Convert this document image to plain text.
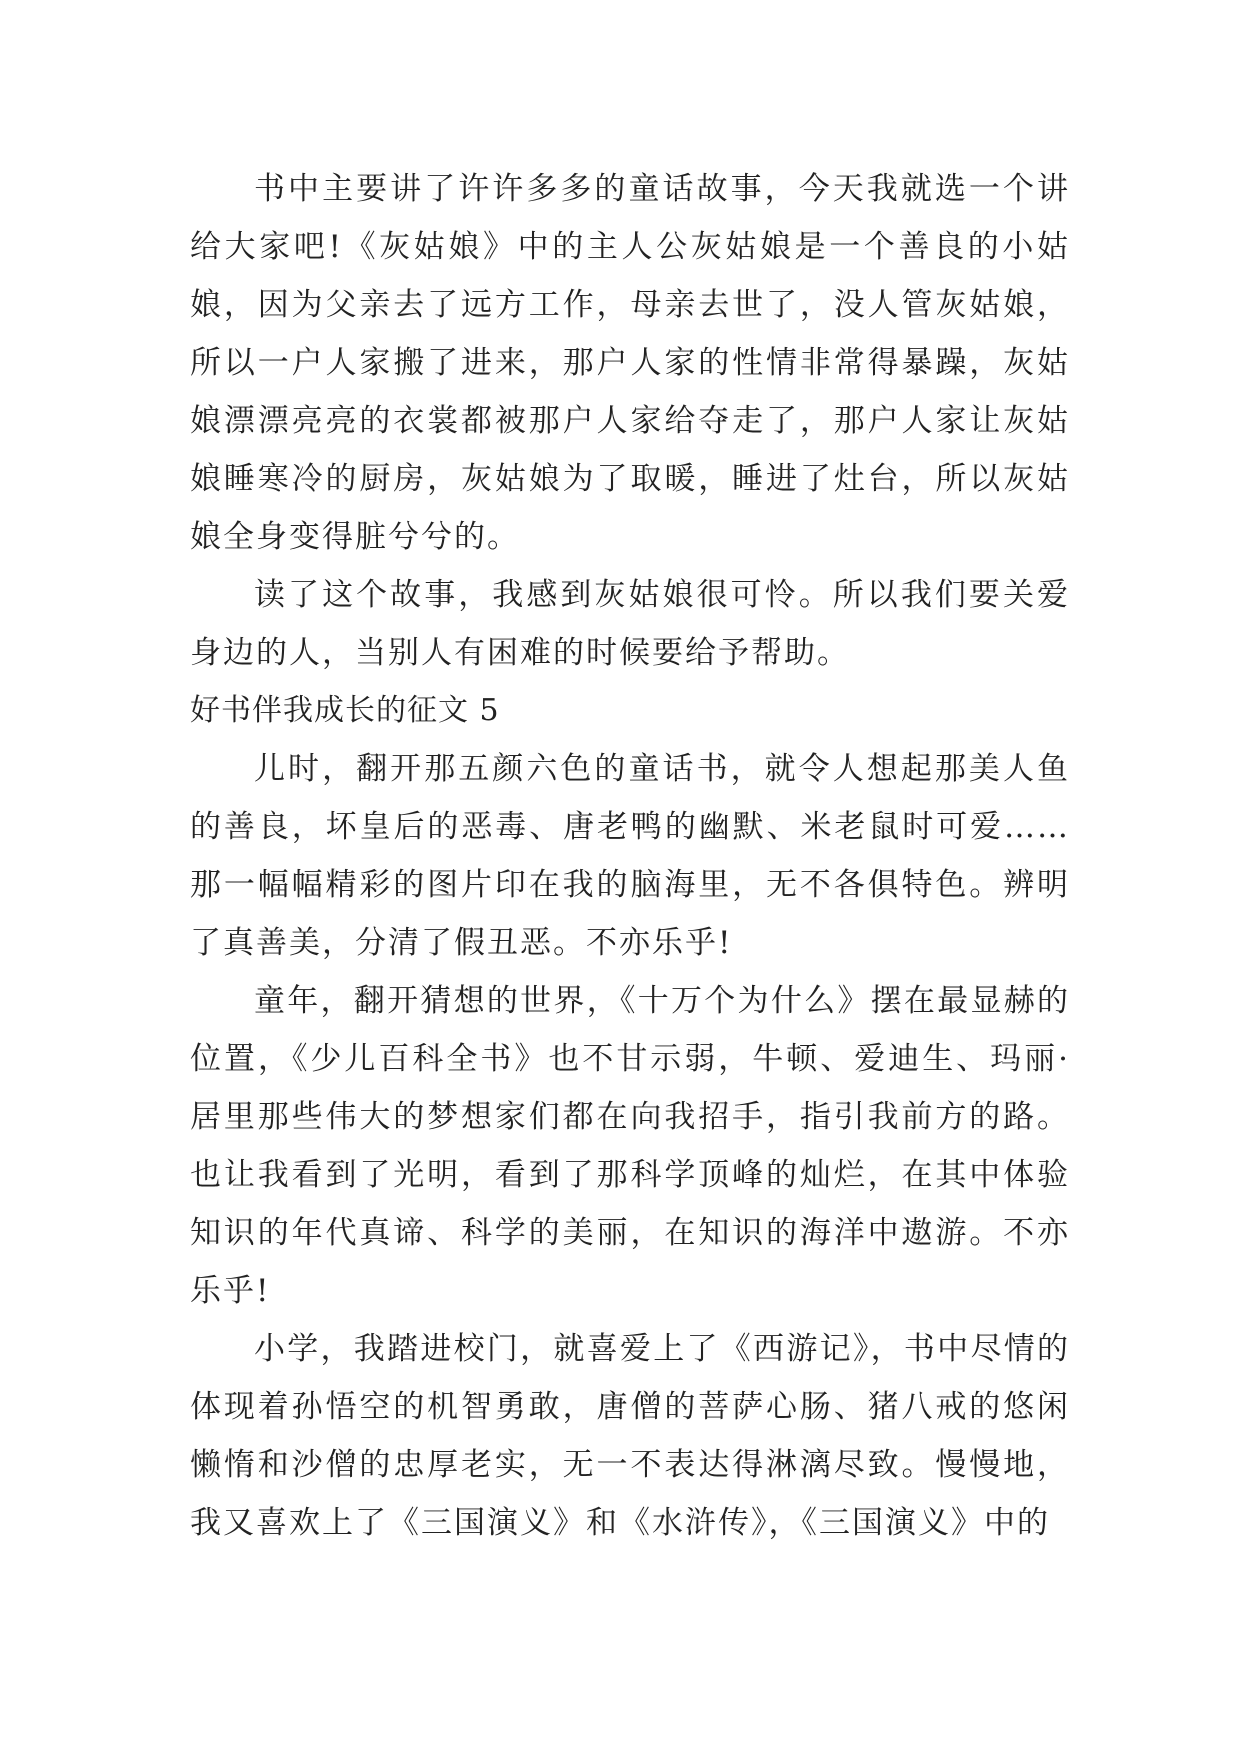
书中主要讲了许许多多的童话故事，今天我就选一个讲给大家吧!《灰姑娘》中的主人公灰姑娘是一个善良的小姑娘，因为父亲去了远方工作，母亲去世了，没人管灰姑娘，所以一户人家搬了进来，那户人家的性情非常得暴躁，灰姑娘漂漂亮亮的衣裳都被那户人家给夺走了，那户人家让灰姑娘睡寒冷的厨房，灰姑娘为了取暖，睡进了灶台，所以灰姑娘全身变得脏兮兮的。

读了这个故事，我感到灰姑娘很可怜。所以我们要关爱身边的人，当别人有困难的时候要给予帮助。

好书伴我成长的征文 5

儿时，翻开那五颜六色的童话书，就令人想起那美人鱼的善良，坏皇后的恶毒、唐老鸭的幽默、米老鼠时可爱……那一幅幅精彩的图片印在我的脑海里，无不各俱特色。辨明了真善美，分清了假丑恶。不亦乐乎!

童年，翻开猜想的世界，《十万个为什么》摆在最显赫的位置，《少儿百科全书》也不甘示弱，牛顿、爱迪生、玛丽·居里那些伟大的梦想家们都在向我招手，指引我前方的路。也让我看到了光明，看到了那科学顶峰的灿烂，在其中体验知识的年代真谛、科学的美丽，在知识的海洋中遨游。不亦乐乎!

小学，我踏进校门，就喜爱上了《西游记》，书中尽情的体现着孙悟空的机智勇敢，唐僧的菩萨心肠、猪八戒的悠闲懒惰和沙僧的忠厚老实，无一不表达得淋漓尽致。慢慢地，我又喜欢上了《三国演义》和《水浒传》，《三国演义》中的
